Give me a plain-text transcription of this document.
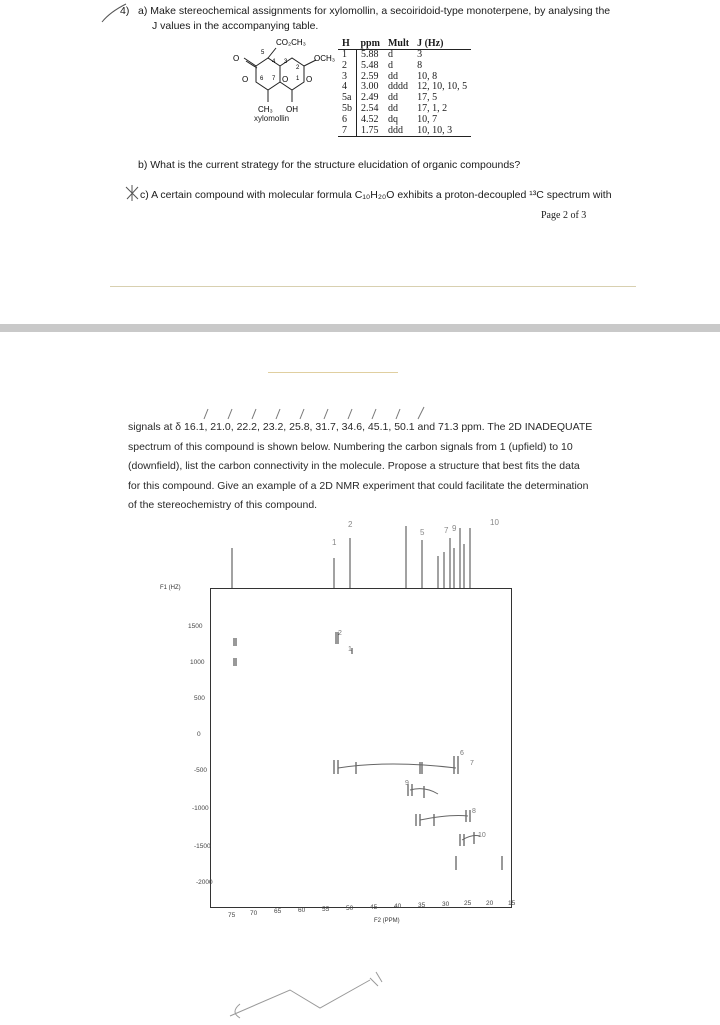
4) a) Make stereochemical assignments for xylomollin, a secoiridoid-type monoterpene, by analysing the
J values in the accompanying table.
CO₂CH₃
OCH₃
O
O	O O
CH₃ OH
5
4 3
2
6 7	1
xylomollin
H	ppm	Mult	J (Hz)
1	5.88	d	3
2	5.48	d	8
3	2.59	dd	10, 8
4	3.00	dddd	12, 10, 10, 5
5a	2.49	dd	17, 5
5b	2.54	dd	17, 1, 2
6	4.52	dq	10, 7
7	1.75	ddd	10, 10, 3
b) What is the current strategy for the structure elucidation of organic compounds?
c) A certain compound with molecular formula C₁₀H₂₀O exhibits a proton-decoupled ¹³C spectrum with
Page 2 of 3
signals at δ 16.1, 21.0, 22.2, 23.2, 25.8, 31.7, 34.6, 45.1, 50.1 and 71.3 ppm. The 2D INADEQUATE
spectrum of this compound is shown below. Numbering the carbon signals from 1 (upfield) to 10
(downfield), list the carbon connectivity in the molecule. Propose a structure that best fits the data
for this compound. Give an example of a 2D NMR experiment that could facilitate the determination
of the stereochemistry of this compound.
1
2
5 7 9
10
F1 (HZ)
1500
1000
500
0
-500
-1000
-1500
-2000
75 70	65	60	55	50	45	40	35	30 25 20 15
F2 (PPM)
2
1
6
7
9
8
10
